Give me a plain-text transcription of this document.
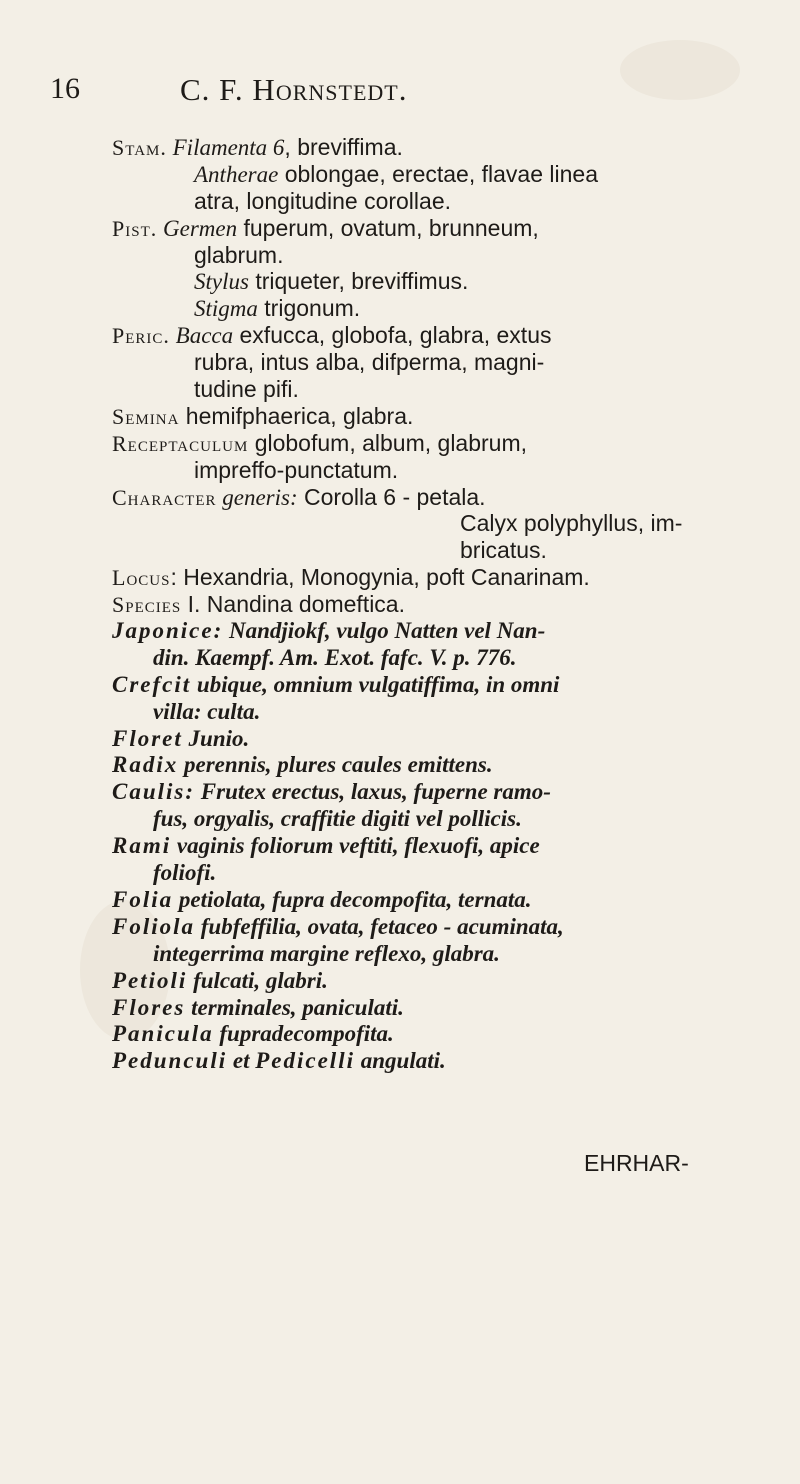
16	C. F. Hornstedt.
Stam. Filamenta 6, breviffima.
Antherae oblongae, erectae, flavae linea
atra, longitudine corollae.
Pist. Germen fuperum, ovatum, brunneum,
glabrum.
Stylus triqueter, breviffimus.
Stigma trigonum.
Peric. Bacca exfucca, globofa, glabra, extus
rubra, intus alba, difperma, magni-
tudine pifi.
Semina hemifphaerica, glabra.
Receptaculum globofum, album, glabrum,
impreffo-punctatum.
Character generis: Corolla 6 - petala.
Calyx polyphyllus, im-
bricatus.
Locus: Hexandria, Monogynia, poft Canarinam.
Species I. Nandina domeftica.
Japonice: Nandjiokf, vulgo Natten vel Nan-
din. Kaempf. Am. Exot. fafc. V. p. 776.
Crefcit ubique, omnium vulgatiffima, in omni
villa: culta.
Floret Junio.
Radix perennis, plures caules emittens.
Caulis: Frutex erectus, laxus, fuperne ramo-
fus, orgyalis, craffitie digiti vel pollicis.
Rami vaginis foliorum veftiti, flexuofi, apice
foliofi.
Folia petiolata, fupra decompofita, ternata.
Foliola fubfeffilia, ovata, fetaceo - acuminata,
integerrima margine reflexo, glabra.
Petioli fulcati, glabri.
Flores terminales, paniculati.
Panicula fupradecompofita.
Pedunculi et Pedicelli angulati.
EHRHAR-
